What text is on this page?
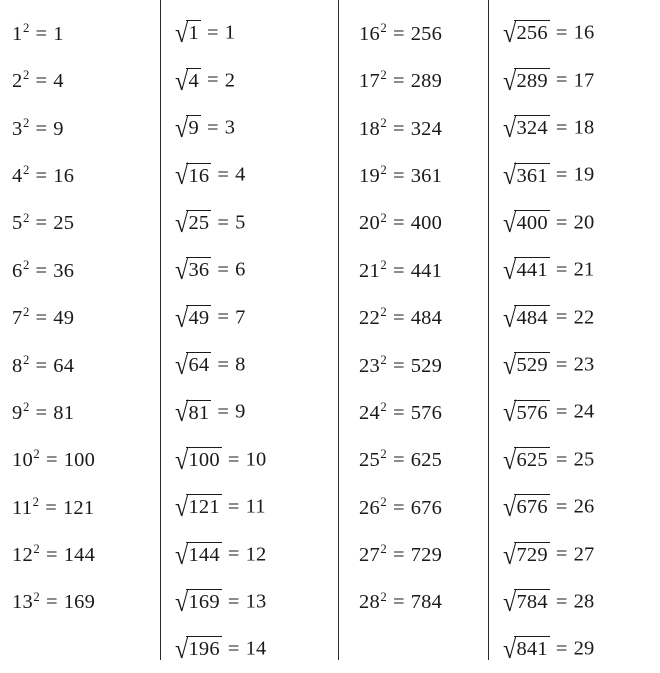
$1^2 = 1$
$2^2 = 4$
$3^2 = 9$
$4^2 = 16$
$5^2 = 25$
$6^2 = 36$
$7^2 = 49$
$8^2 = 64$
$9^2 = 81$
$10^2 = 100$
$11^2 = 121$
$12^2 = 144$
$13^2 = 169$
√1 = 1
√4 = 2
√9 = 3
√16 = 4
√25 = 5
√36 = 6
√49 = 7
√64 = 8
√81 = 9
√100 = 10
√121 = 11
√144 = 12
√169 = 13
√196 = 14
$16^2 = 256$
$17^2 = 289$
$18^2 = 324$
$19^2 = 361$
$20^2 = 400$
$21^2 = 441$
$22^2 = 484$
$23^2 = 529$
$24^2 = 576$
$25^2 = 625$
$26^2 = 676$
$27^2 = 729$
$28^2 = 784$
√256 = 16
√289 = 17
√324 = 18
√361 = 19
√400 = 20
√441 = 21
√484 = 22
√529 = 23
√576 = 24
√625 = 25
√676 = 26
√729 = 27
√784 = 28
√841 = 29
